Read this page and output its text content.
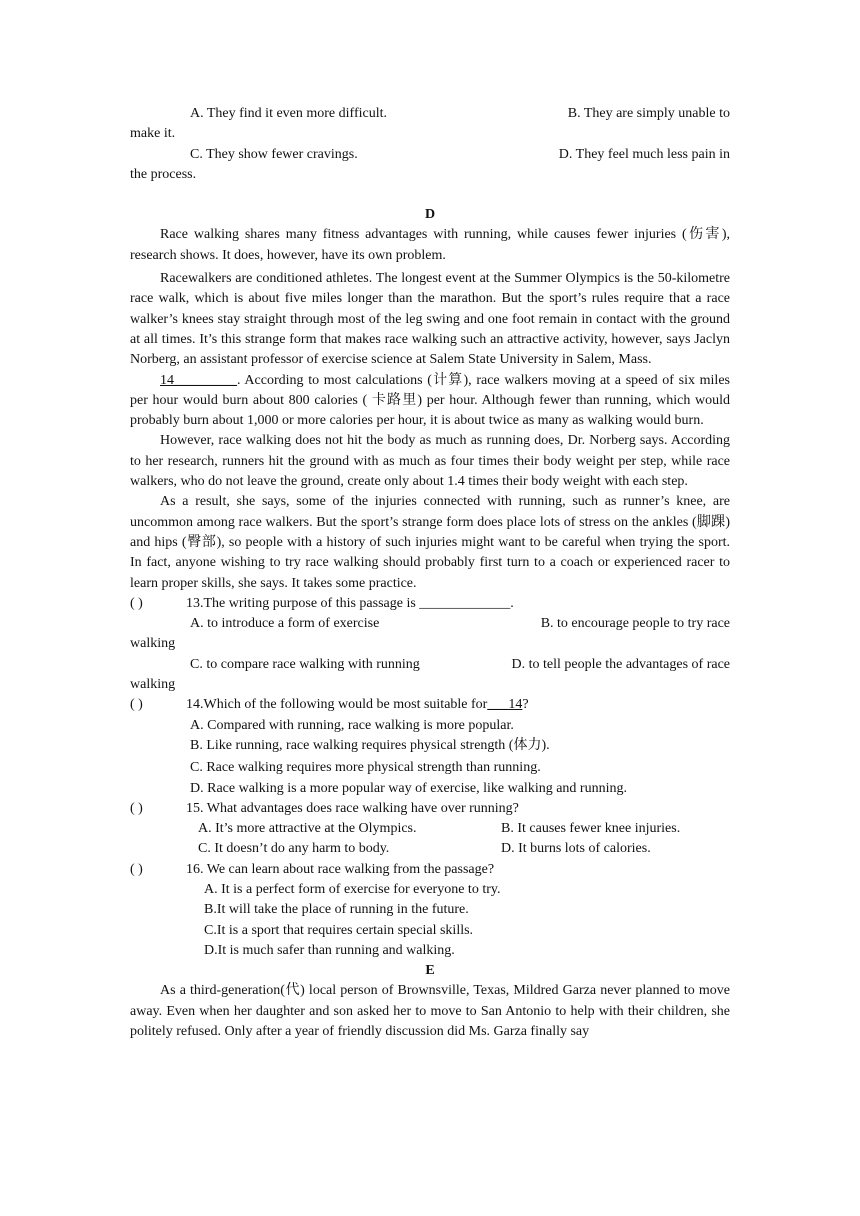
A. They find it even more difficult.	B. They are simply unable to

make it.

C. They show fewer cravings.	D. They feel much less pain in

the process.

D

Race walking shares many fitness advantages with running, while causes fewer injuries (伤害), research shows. It does, however, have its own problem.

Racewalkers are conditioned athletes. The longest event at the Summer Olympics is the 50-kilometre race walk, which is about five miles longer than the marathon. But the sport’s rules require that a race walker’s knees stay straight through most of the leg swing and one foot remain in contact with the ground at all times. It’s this strange form that makes race walking such an attractive activity, however, says Jaclyn Norberg, an assistant professor of exercise science at Salem State University in Salem, Mass.

14_________. According to most calculations (计算), race walkers moving at a speed of six miles per hour would burn about 800 calories ( 卡路里) per hour. Although fewer than running, which would probably burn about 1,000 or more calories per hour, it is about twice as many as walking would burn.

However, race walking does not hit the body as much as running does, Dr. Norberg says. According to her research, runners hit the ground with as much as four times their body weight per step, while race walkers, who do not leave the ground, create only about 1.4 times their body weight with each step.

As a result, she says, some of the injuries connected with running, such as runner’s knee, are uncommon among race walkers. But the sport’s strange form does place lots of stress on the ankles (脚踝) and hips (臀部), so people with a history of such injuries might want to be careful when trying the sport. In fact, anyone wishing to try race walking should probably first turn to a coach or experienced racer to learn proper skills, she says. It takes some practice.

( )	13.The writing purpose of this passage is _____________.
A. to introduce a form of exercise	B. to encourage people to try race

walking

C. to compare race walking with running	D. to tell people the advantages of race

walking

( )	14.Which of the following would be most suitable for___14?

A. Compared with running, race walking is more popular.

B. Like running, race walking requires physical strength (体力).

C. Race walking requires more physical strength than running.

D. Race walking is a more popular way of exercise, like walking and running.

( )	15. What advantages does race walking have over running?
A. It’s more attractive at the Olympics.	B. It causes fewer knee injuries.
C. It doesn’t do any harm to body.	D. It burns lots of calories.
( )	16. We can learn about race walking from the passage?

A. It is a perfect form of exercise for everyone to try.

B.It will take the place of running in the future.

C.It is a sport that requires certain special skills.

D.It is much safer than running and walking.

E

As a third-generation(代) local person of Brownsville, Texas, Mildred Garza never planned to move away. Even when her daughter and son asked her to move to San Antonio to help with their children, she politely refused. Only after a year of friendly discussion did Ms. Garza finally say
